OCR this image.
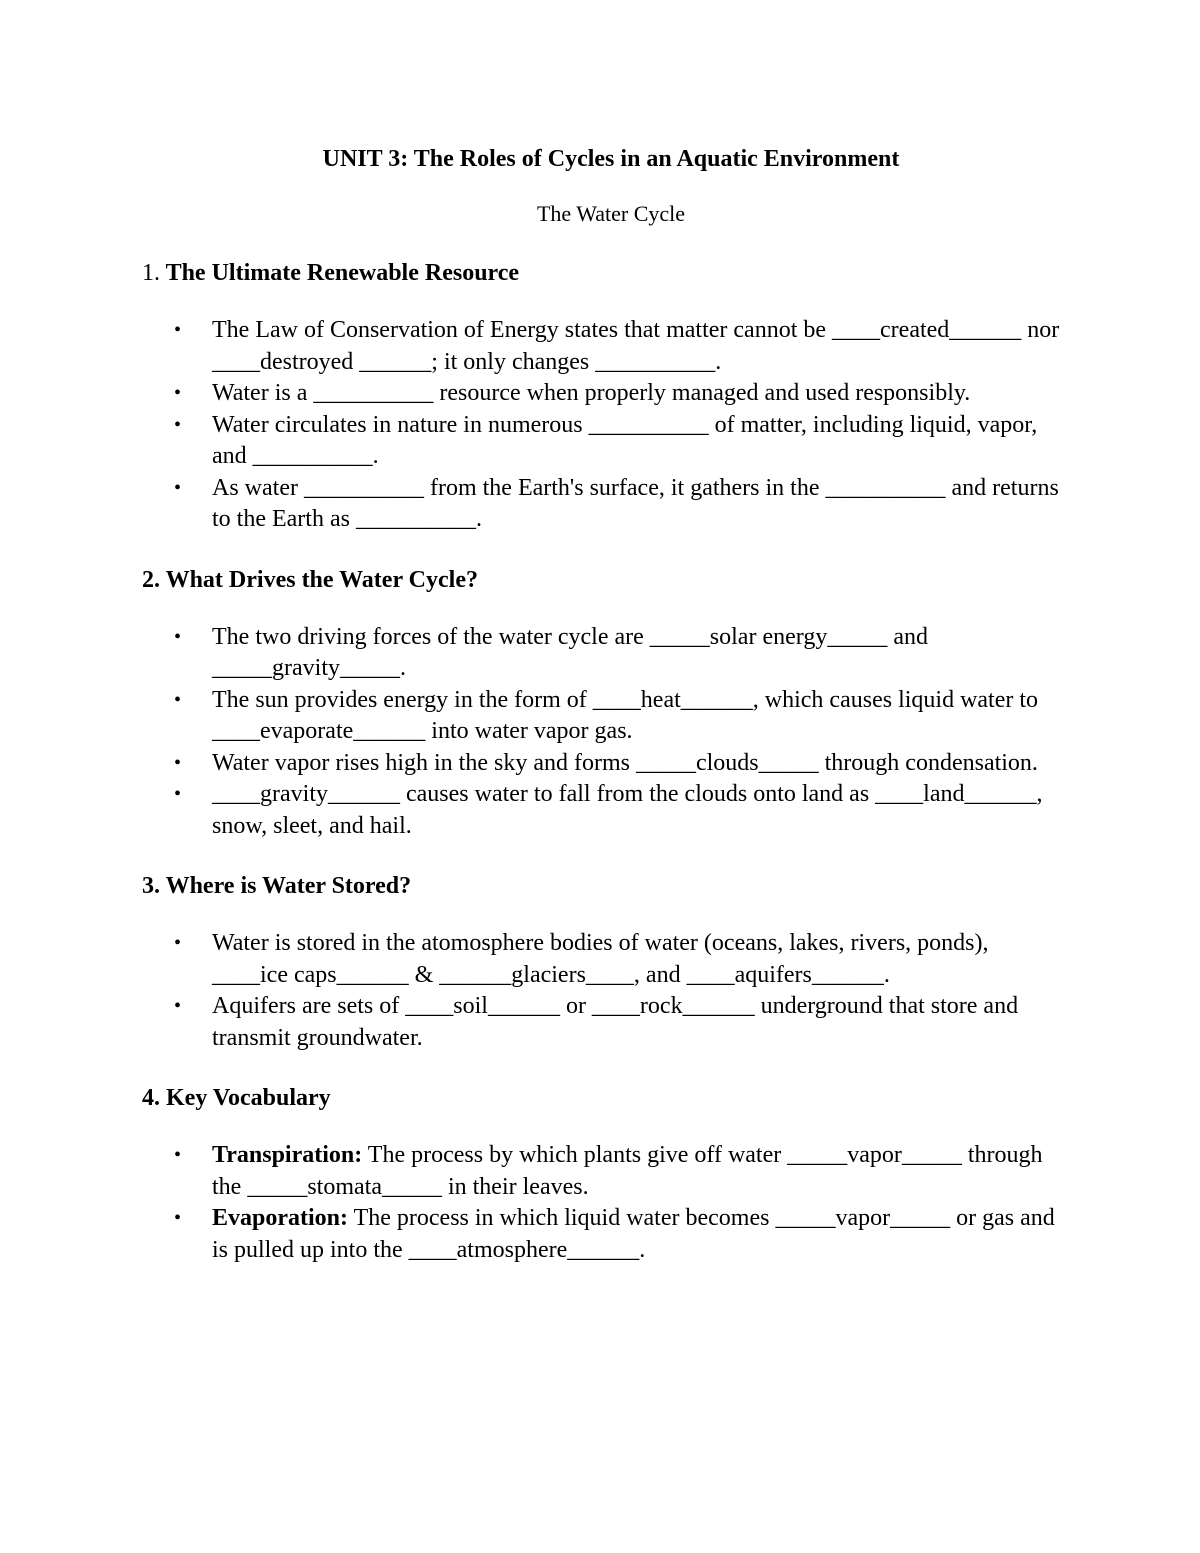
UNIT 3: The Roles of Cycles in an Aquatic Environment

The Water Cycle

1. The Ultimate Renewable Resource
• The Law of Conservation of Energy states that matter cannot be ____created______ nor ____destroyed ______; it only changes __________.
• Water is a __________ resource when properly managed and used responsibly.
• Water circulates in nature in numerous __________ of matter, including liquid, vapor, and __________.
• As water __________ from the Earth's surface, it gathers in the __________ and returns to the Earth as __________.
2. What Drives the Water Cycle?
• The two driving forces of the water cycle are _____solar energy_____ and _____gravity_____.
• The sun provides energy in the form of ____heat______, which causes liquid water to ____evaporate______ into water vapor gas.
• Water vapor rises high in the sky and forms _____clouds_____ through condensation.
• ____gravity______ causes water to fall from the clouds onto land as ____land______, snow, sleet, and hail.
3. Where is Water Stored?
• Water is stored in the atomosphere bodies of water (oceans, lakes, rivers, ponds), ____ice caps______ & ______glaciers____, and ____aquifers______.
• Aquifers are sets of ____soil______ or ____rock______ underground that store and transmit groundwater.
4. Key Vocabulary
• Transpiration: The process by which plants give off water _____vapor_____ through the _____stomata_____ in their leaves.
• Evaporation: The process in which liquid water becomes _____vapor_____ or gas and is pulled up into the ____atmosphere______.
